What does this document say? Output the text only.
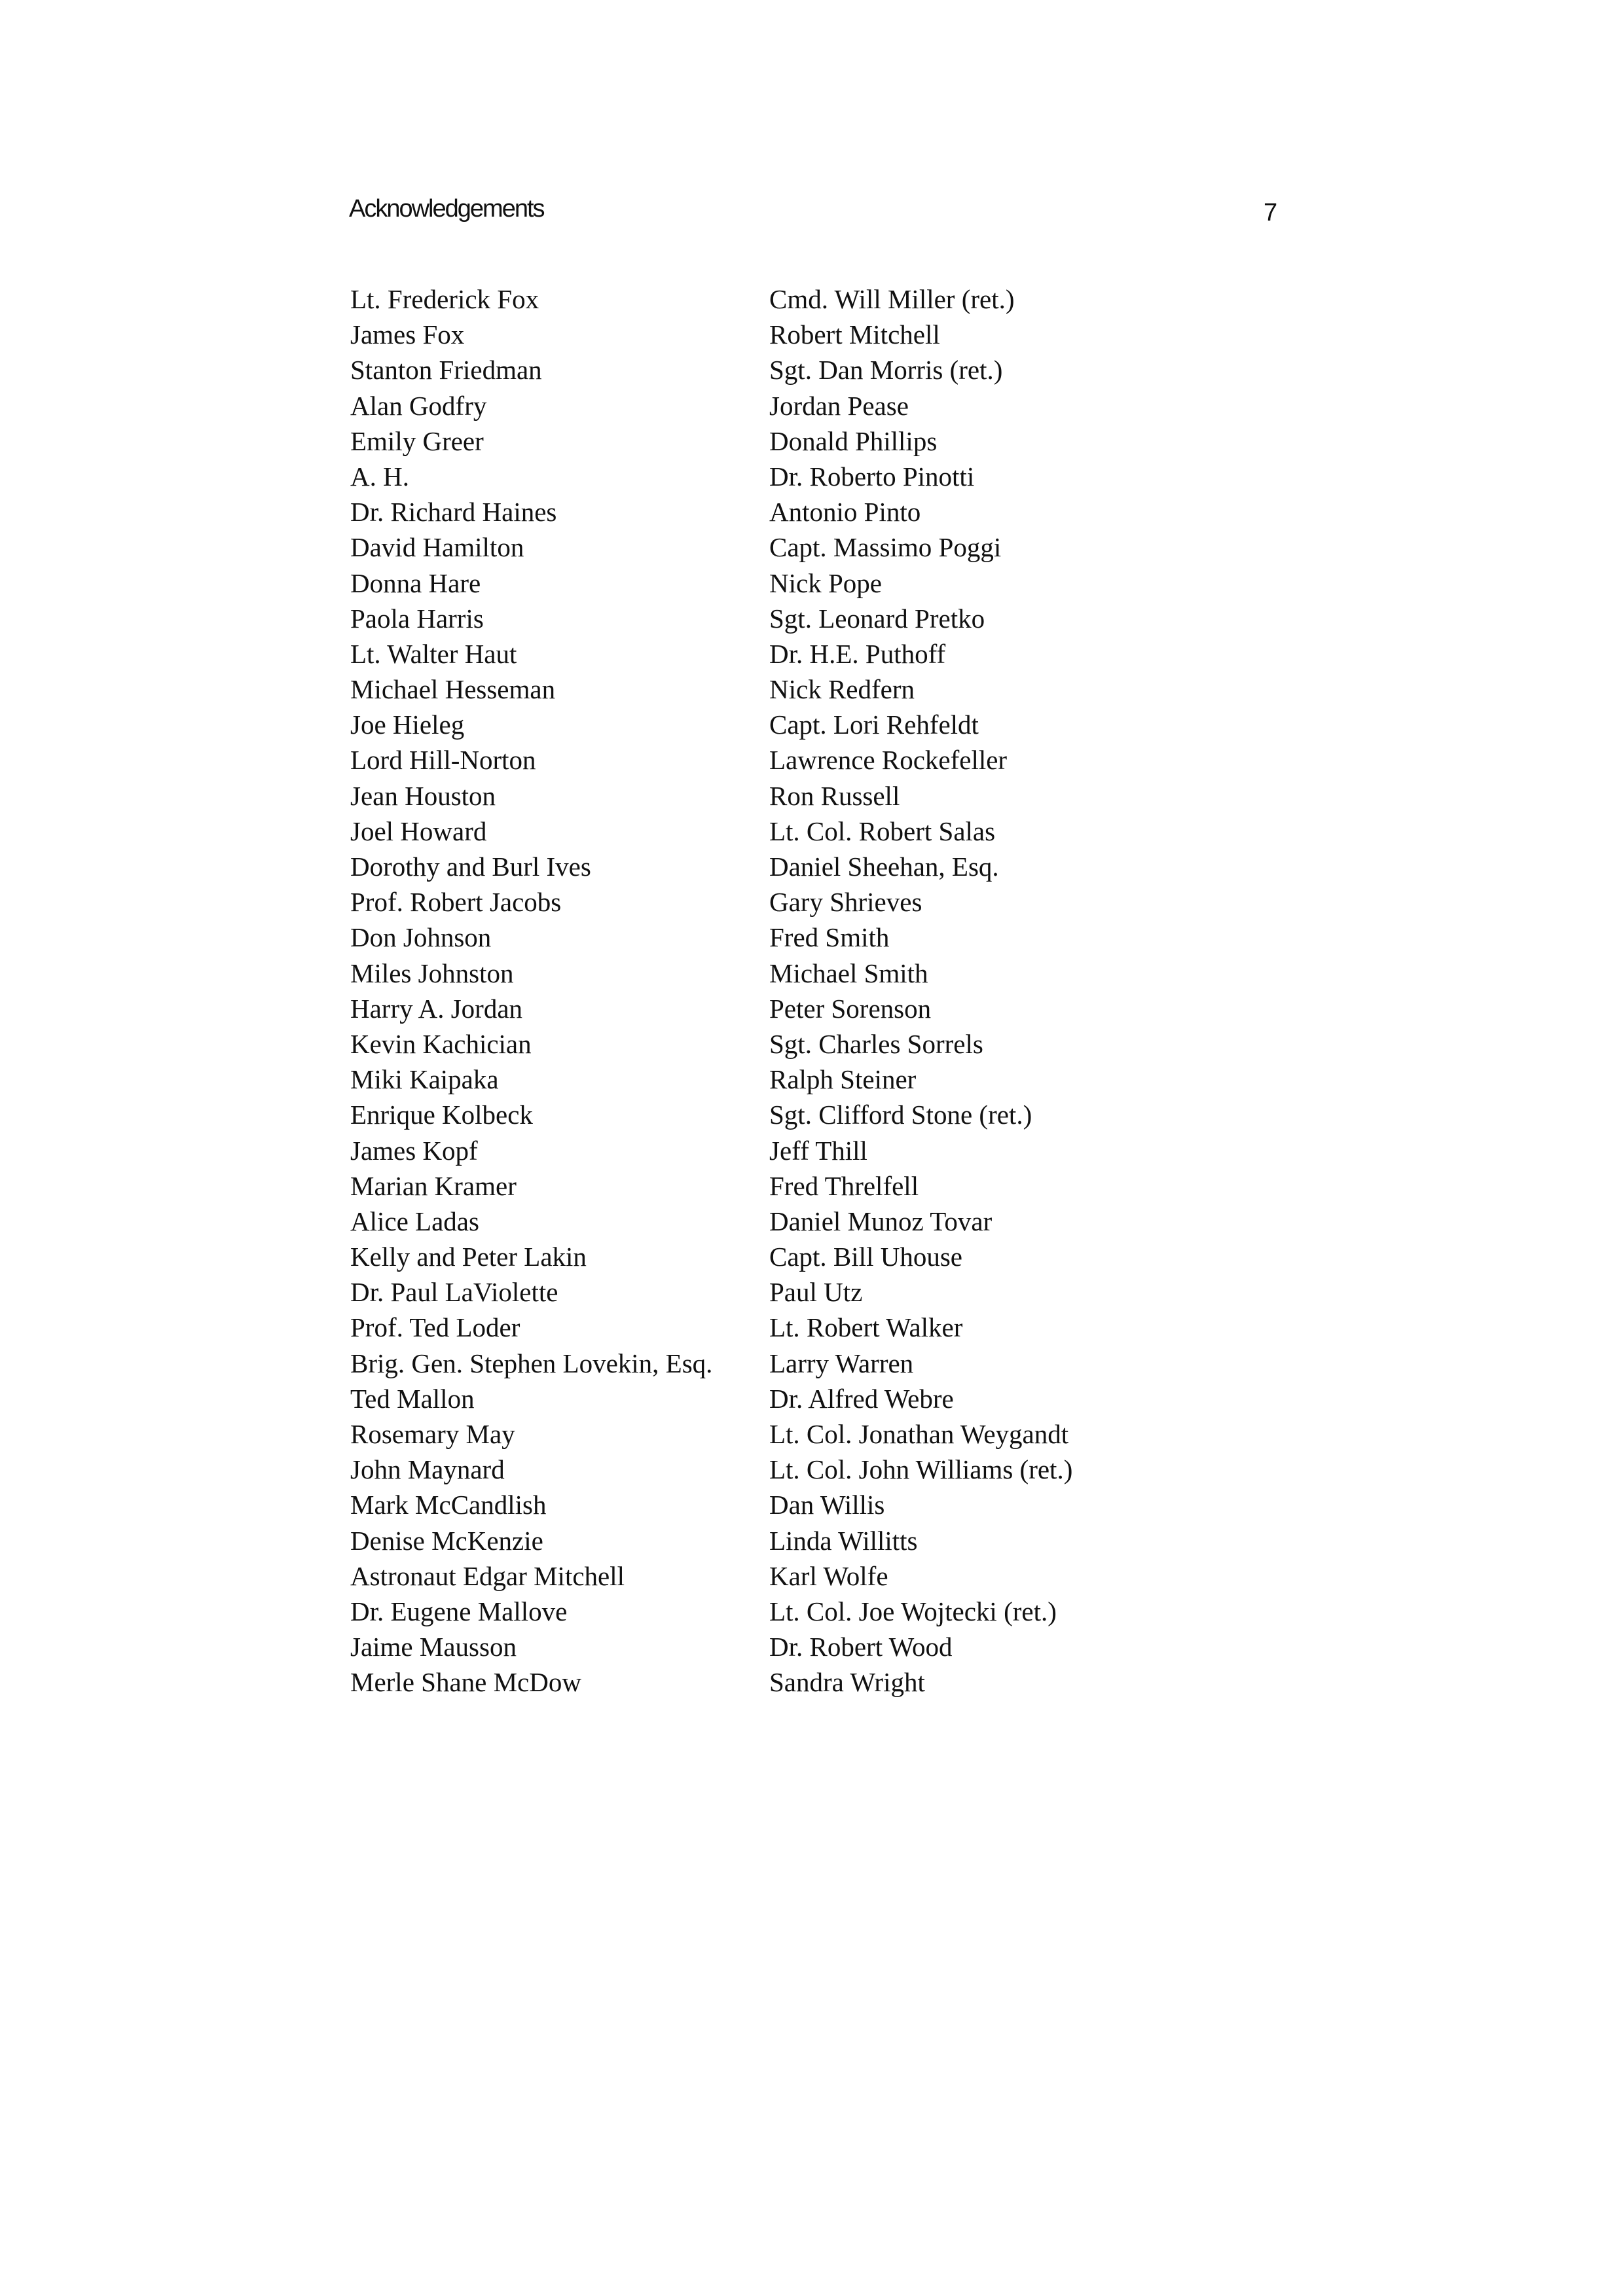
Acknowledgements	7
Lt. Frederick Fox
James Fox
Stanton Friedman
Alan Godfry
Emily Greer
A. H.
Dr. Richard Haines
David Hamilton
Donna Hare
Paola Harris
Lt. Walter Haut
Michael Hesseman
Joe Hieleg
Lord Hill-Norton
Jean Houston
Joel Howard
Dorothy and Burl Ives
Prof. Robert Jacobs
Don Johnson
Miles Johnston
Harry A. Jordan
Kevin Kachician
Miki Kaipaka
Enrique Kolbeck
James Kopf
Marian Kramer
Alice Ladas
Kelly and Peter Lakin
Dr. Paul LaViolette
Prof. Ted Loder
Brig. Gen. Stephen Lovekin, Esq.
Ted Mallon
Rosemary May
John Maynard
Mark McCandlish
Denise McKenzie
Astronaut Edgar Mitchell
Dr. Eugene Mallove
Jaime Mausson
Merle Shane McDow
Cmd. Will Miller (ret.)
Robert Mitchell
Sgt. Dan Morris (ret.)
Jordan Pease
Donald Phillips
Dr. Roberto Pinotti
Antonio Pinto
Capt. Massimo Poggi
Nick Pope
Sgt. Leonard Pretko
Dr. H.E. Puthoff
Nick Redfern
Capt. Lori Rehfeldt
Lawrence Rockefeller
Ron Russell
Lt. Col. Robert Salas
Daniel Sheehan, Esq.
Gary Shrieves
Fred Smith
Michael Smith
Peter Sorenson
Sgt. Charles Sorrels
Ralph Steiner
Sgt. Clifford Stone (ret.)
Jeff Thill
Fred Threlfell
Daniel Munoz Tovar
Capt. Bill Uhouse
Paul Utz
Lt. Robert Walker
Larry Warren
Dr. Alfred Webre
Lt. Col. Jonathan Weygandt
Lt. Col. John Williams (ret.)
Dan Willis
Linda Willitts
Karl Wolfe
Lt. Col. Joe Wojtecki (ret.)
Dr. Robert Wood
Sandra Wright
